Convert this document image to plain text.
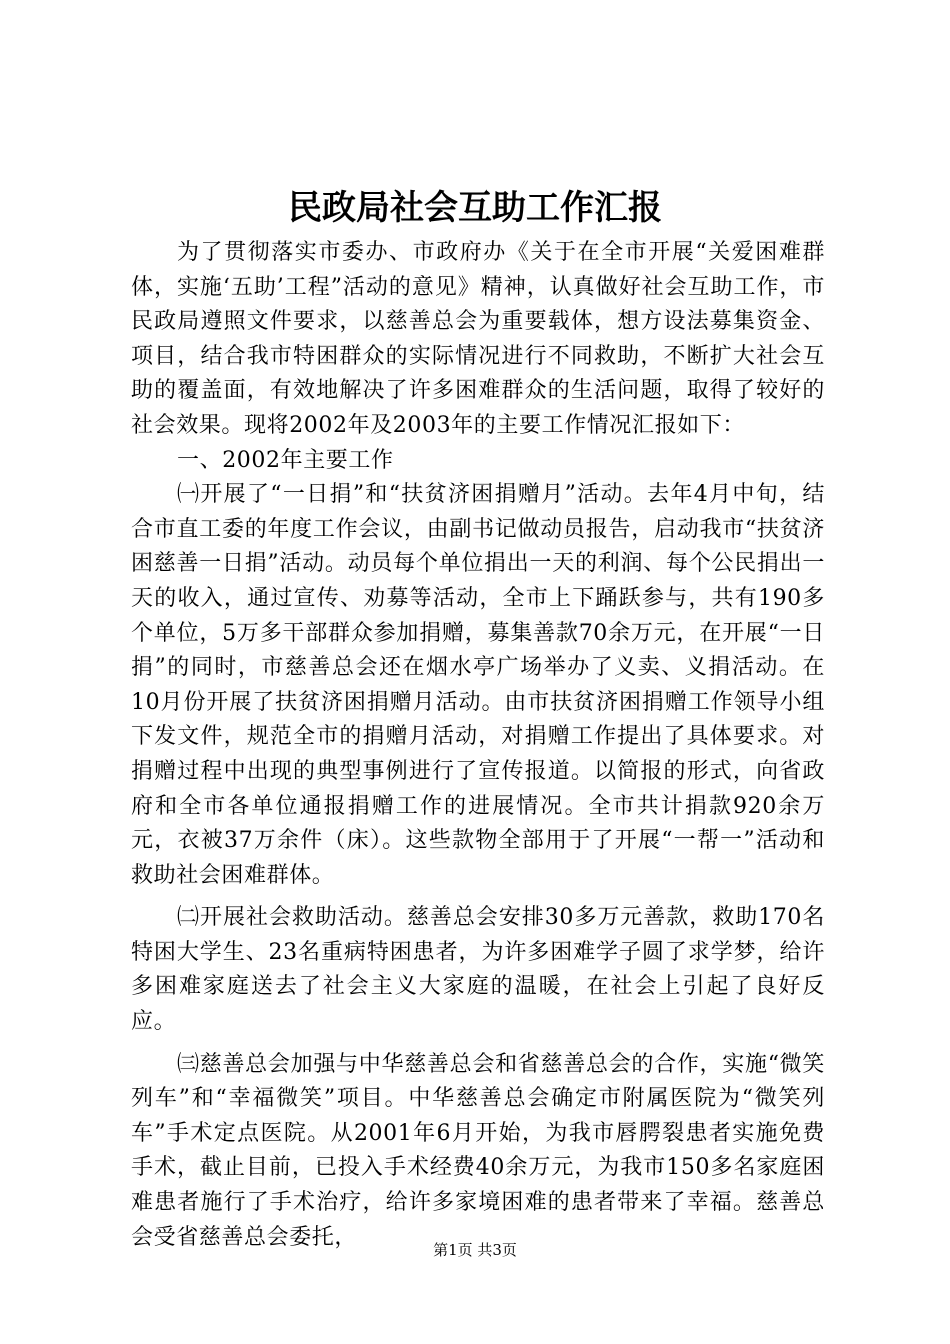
民政局社会互助工作汇报

为了贯彻落实市委办、市政府办《关于在全市开展“关爱困难群体，实施‘五助’工程”活动的意见》精神，认真做好社会互助工作，市民政局遵照文件要求，以慈善总会为重要载体，想方设法募集资金、项目，结合我市特困群众的实际情况进行不同救助，不断扩大社会互助的覆盖面，有效地解决了许多困难群众的生活问题，取得了较好的社会效果。现将2002年及2003年的主要工作情况汇报如下：

一、2002年主要工作

㈠开展了“一日捐”和“扶贫济困捐赠月”活动。去年4月中旬，结合市直工委的年度工作会议，由副书记做动员报告，启动我市“扶贫济困慈善一日捐”活动。动员每个单位捐出一天的利润、每个公民捐出一天的收入，通过宣传、劝募等活动，全市上下踊跃参与，共有190多个单位，5万多干部群众参加捐赠，募集善款70余万元，在开展“一日捐”的同时，市慈善总会还在烟水亭广场举办了义卖、义捐活动。在10月份开展了扶贫济困捐赠月活动。由市扶贫济困捐赠工作领导小组下发文件，规范全市的捐赠月活动，对捐赠工作提出了具体要求。对捐赠过程中出现的典型事例进行了宣传报道。以简报的形式，向省政府和全市各单位通报捐赠工作的进展情况。全市共计捐款920余万元，衣被37万余件（床）。这些款物全部用于了开展“一帮一”活动和救助社会困难群体。

㈡开展社会救助活动。慈善总会安排30多万元善款，救助170名特困大学生、23名重病特困患者，为许多困难学子圆了求学梦，给许多困难家庭送去了社会主义大家庭的温暖，在社会上引起了良好反应。

㈢慈善总会加强与中华慈善总会和省慈善总会的合作，实施“微笑列车”和“幸福微笑”项目。中华慈善总会确定市附属医院为“微笑列车”手术定点医院。从2001年6月开始，为我市唇腭裂患者实施免费手术，截止目前，已投入手术经费40余万元，为我市150多名家庭困难患者施行了手术治疗，给许多家境困难的患者带来了幸福。慈善总会受省慈善总会委托，

第1页 共3页
